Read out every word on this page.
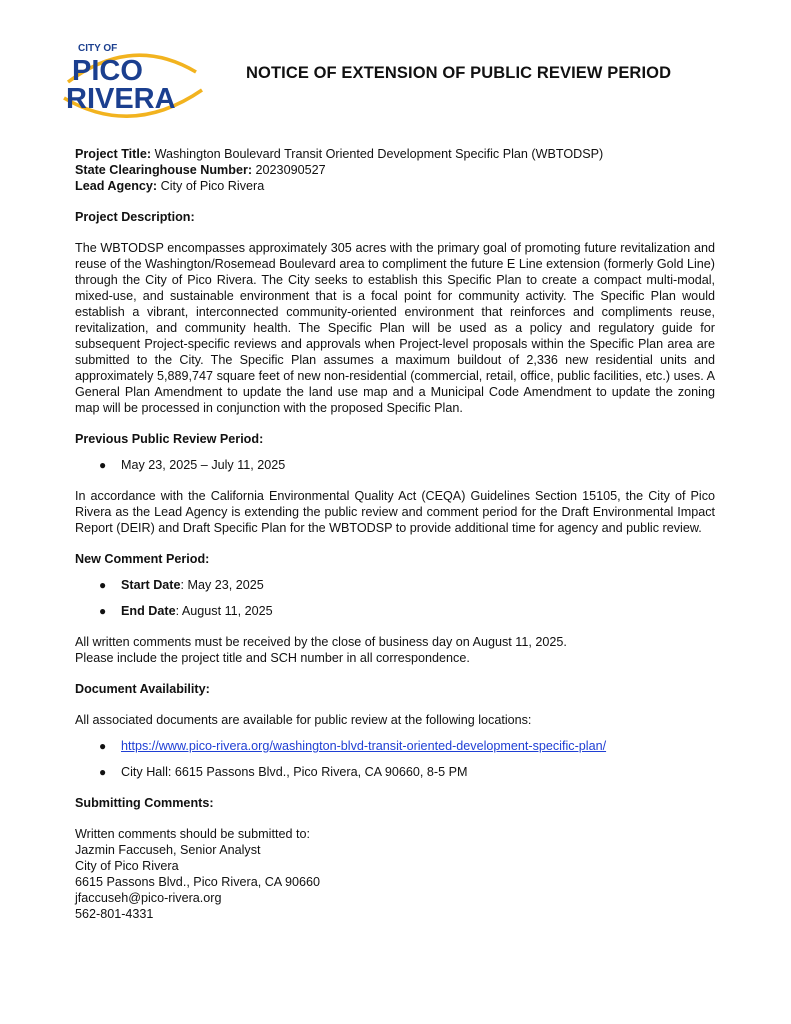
CITY OF
PICO
RIVERA
NOTICE OF EXTENSION OF PUBLIC REVIEW PERIOD

Project Title: Washington Boulevard Transit Oriented Development Specific Plan (WBTODSP)

State Clearinghouse Number: 2023090527

Lead Agency: City of Pico Rivera

Project Description:

The WBTODSP encompasses approximately 305 acres with the primary goal of promoting future revitalization and reuse of the Washington/Rosemead Boulevard area to compliment the future E Line extension (formerly Gold Line) through the City of Pico Rivera. The City seeks to establish this Specific Plan to create a compact multi-modal, mixed-use, and sustainable environment that is a focal point for community activity. The Specific Plan would establish a vibrant, interconnected community-oriented environment that reinforces and compliments reuse, revitalization, and community health. The Specific Plan will be used as a policy and regulatory guide for subsequent Project-specific reviews and approvals when Project-level proposals within the Specific Plan area are submitted to the City. The Specific Plan assumes a maximum buildout of 2,336 new residential units and approximately 5,889,747 square feet of new non-residential (commercial, retail, office, public facilities, etc.) uses. A General Plan Amendment to update the land use map and a Municipal Code Amendment to update the zoning map will be processed in conjunction with the proposed Specific Plan.

Previous Public Review Period:

● May 23, 2025 – July 11, 2025

In accordance with the California Environmental Quality Act (CEQA) Guidelines Section 15105, the City of Pico Rivera as the Lead Agency is extending the public review and comment period for the Draft Environmental Impact Report (DEIR) and Draft Specific Plan for the WBTODSP to provide additional time for agency and public review.

New Comment Period:

● Start Date: May 23, 2025
● End Date: August 11, 2025

All written comments must be received by the close of business day on August 11, 2025.

Please include the project title and SCH number in all correspondence.

Document Availability:

All associated documents are available for public review at the following locations:

● https://www.pico-rivera.org/washington-blvd-transit-oriented-development-specific-plan/
● City Hall: 6615 Passons Blvd., Pico Rivera, CA 90660, 8-5 PM

Submitting Comments:

Written comments should be submitted to:

Jazmin Faccuseh, Senior Analyst

City of Pico Rivera

6615 Passons Blvd., Pico Rivera, CA 90660

jfaccuseh@pico-rivera.org

562-801-4331
